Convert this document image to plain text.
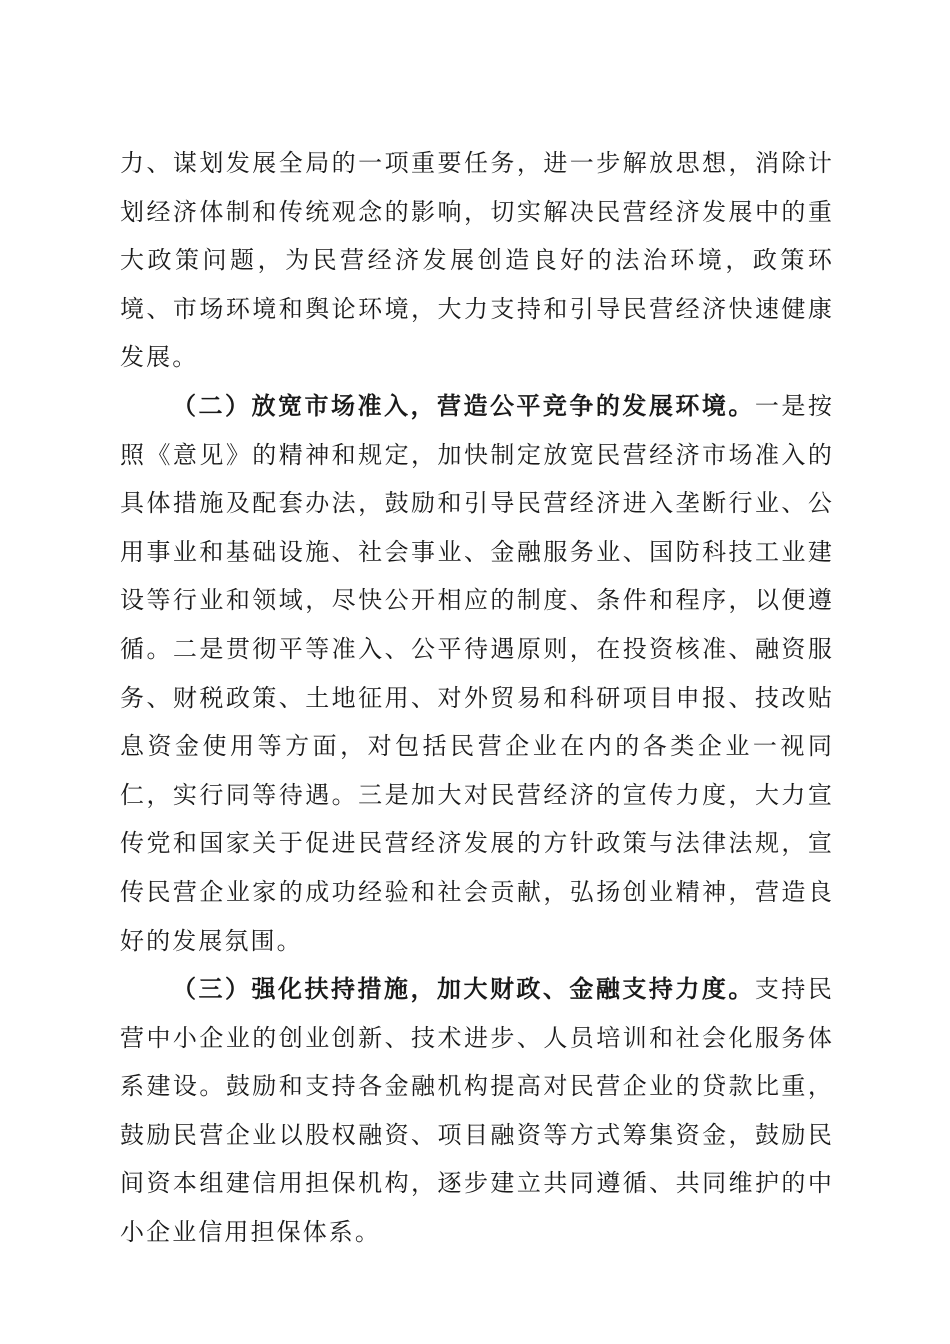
力、谋划发展全局的一项重要任务，进一步解放思想，消除计划经济体制和传统观念的影响，切实解决民营经济发展中的重大政策问题，为民营经济发展创造良好的法治环境，政策环境、市场环境和舆论环境，大力支持和引导民营经济快速健康发展。

（二）放宽市场准入，营造公平竞争的发展环境。一是按照《意见》的精神和规定，加快制定放宽民营经济市场准入的具体措施及配套办法，鼓励和引导民营经济进入垄断行业、公用事业和基础设施、社会事业、金融服务业、国防科技工业建设等行业和领域，尽快公开相应的制度、条件和程序，以便遵循。二是贯彻平等准入、公平待遇原则，在投资核准、融资服务、财税政策、土地征用、对外贸易和科研项目申报、技改贴息资金使用等方面，对包括民营企业在内的各类企业一视同仁，实行同等待遇。三是加大对民营经济的宣传力度，大力宣传党和国家关于促进民营经济发展的方针政策与法律法规，宣传民营企业家的成功经验和社会贡献，弘扬创业精神，营造良好的发展氛围。

（三）强化扶持措施，加大财政、金融支持力度。支持民营中小企业的创业创新、技术进步、人员培训和社会化服务体系建设。鼓励和支持各金融机构提高对民营企业的贷款比重，鼓励民营企业以股权融资、项目融资等方式筹集资金，鼓励民间资本组建信用担保机构，逐步建立共同遵循、共同维护的中小企业信用担保体系。
